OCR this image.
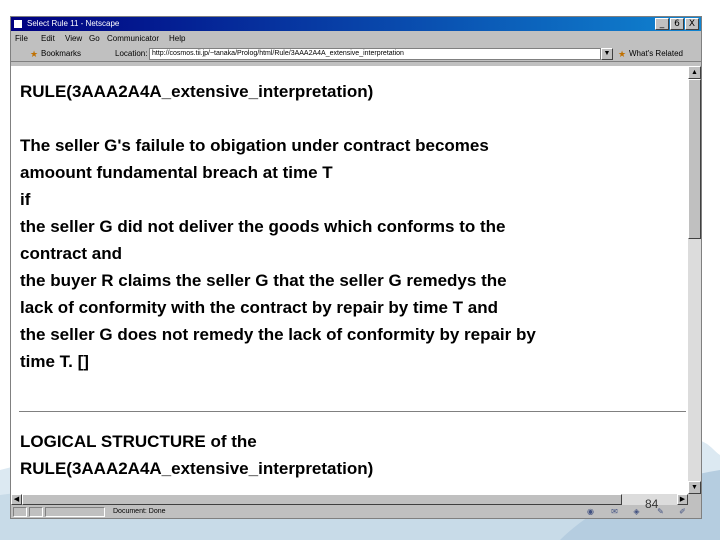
Select Rule 11 - Netscape	_	6	X
File Edit View Go Communicator Help
★ Bookmarks	Location: http://cosmos.tii.jp/~tanaka/Prolog/html/Rule/3AAA2A4A_extensive_interpretation	▼ ★ What's Related

RULE(3AAA2A4A_extensive_interpretation)

The seller G's failule to obigation under contract becomes
amoount fundamental breach at time T
if
the seller G did not deliver the goods which conforms to the
contract and
the buyer R claims the seller G that the seller G remedys the
lack of conformity with the contract by repair by time T and
the seller G does not remedy the lack of conformity by repair by
time T. []

LOGICAL STRUCTURE of the
RULE(3AAA2A4A_extensive_interpretation)

▲
▼
◀	▶
Document: Done	◉ ✉	◈	✎ ✐
84
